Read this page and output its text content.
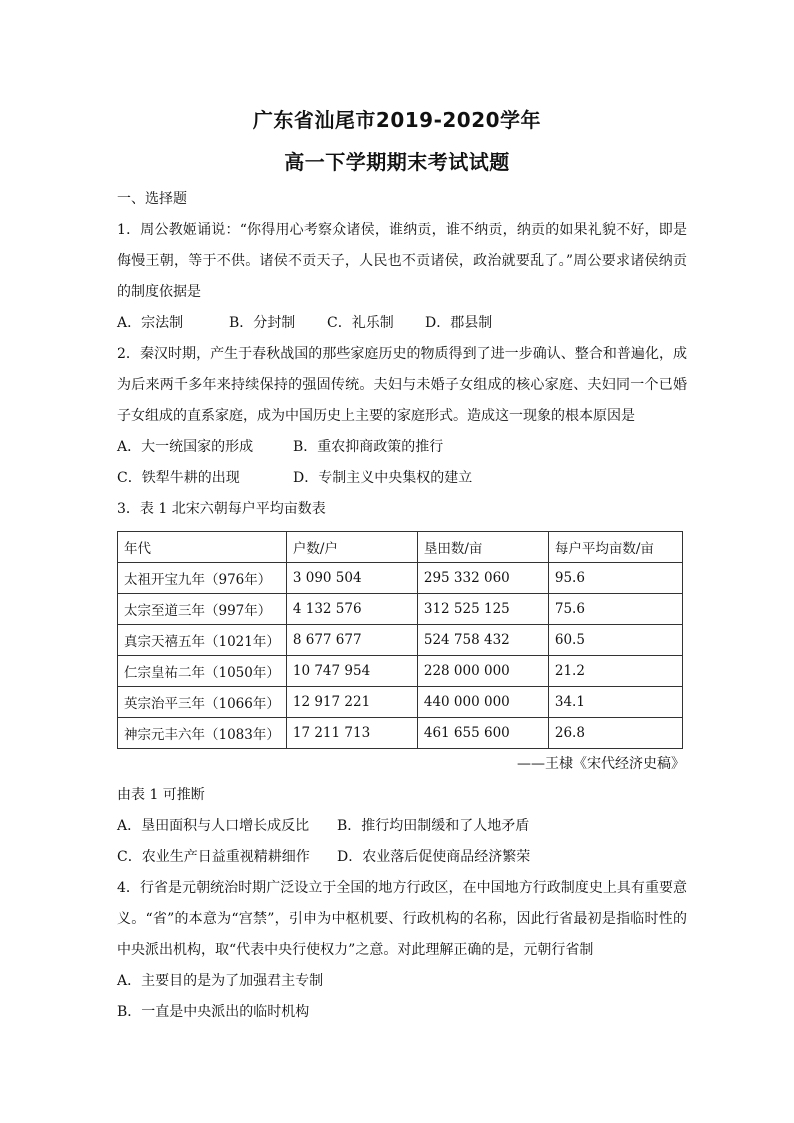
广东省汕尾市2019-2020学年
高一下学期期末考试试题

一、选择题

1．周公教姬诵说：“你得用心考察众诸侯，谁纳贡，谁不纳贡，纳贡的如果礼貌不好，即是侮慢王朝，等于不供。诸侯不贡天子，人民也不贡诸侯，政治就要乱了。”周公要求诸侯纳贡的制度依据是

A．宗法制	B．分封制 C．礼乐制 D．郡县制

2．秦汉时期，产生于春秋战国的那些家庭历史的物质得到了进一步确认、整合和普遍化，成为后来两千多年来持续保持的强固传统。夫妇与未婚子女组成的核心家庭、夫妇同一个已婚子女组成的直系家庭，成为中国历史上主要的家庭形式。造成这一现象的根本原因是

A．大一统国家的形成	B．重农抑商政策的推行

C．铁犁牛耕的出现	D．专制主义中央集权的建立

3．表 1 北宋六朝每户平均亩数表

年代	户数/户	垦田数/亩	每户平均亩数/亩
太祖开宝九年（976年）	3 090 504	295 332 060	95.6
太宗至道三年（997年）	4 132 576	312 525 125	75.6
真宗天禧五年（1021年）	8 677 677	524 758 432	60.5
仁宗皇祐二年（1050年）	10 747 954	228 000 000	21.2
英宗治平三年（1066年）	12 917 221	440 000 000	34.1
神宗元丰六年（1083年）	17 211 713	461 655 600	26.8

——王棣《宋代经济史稿》

由表 1 可推断

A．垦田面积与人口增长成反比 B．推行均田制缓和了人地矛盾

C．农业生产日益重视精耕细作 D．农业落后促使商品经济繁荣

4．行省是元朝统治时期广泛设立于全国的地方行政区，在中国地方行政制度史上具有重要意义。“省”的本意为“宫禁”，引申为中枢机要、行政机构的名称，因此行省最初是指临时性的中央派出机构，取“代表中央行使权力”之意。对此理解正确的是，元朝行省制

A．主要目的是为了加强君主专制

B．一直是中央派出的临时机构
